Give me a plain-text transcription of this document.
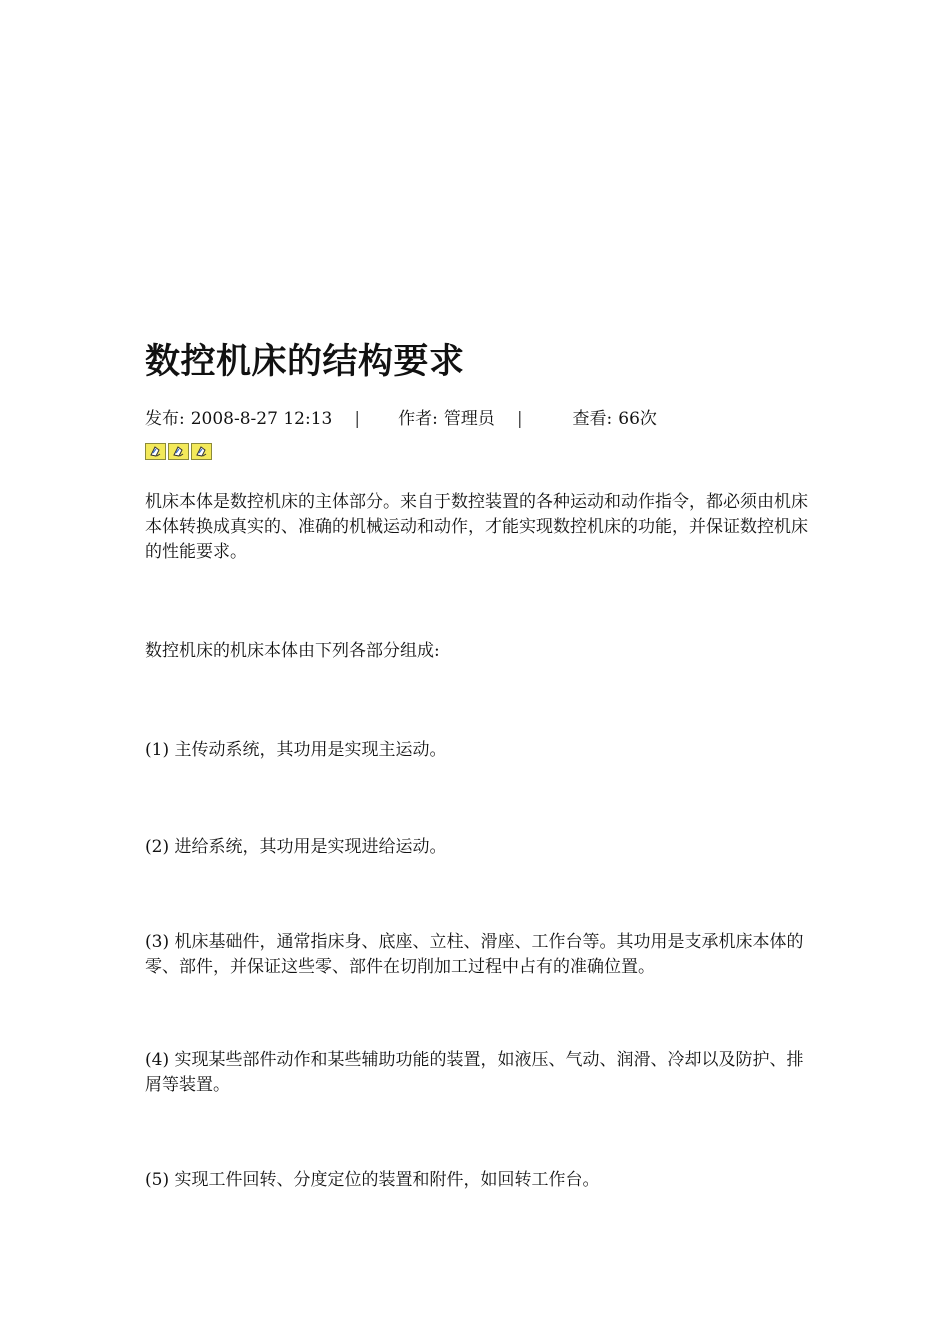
数控机床的结构要求
发布: 2008-8-27 12:13 | 作者: 管理员 |	查看: 66次

机床本体是数控机床的主体部分。来自于数控装置的各种运动和动作指令，都必须由机床本体转换成真实的、准确的机械运动和动作，才能实现数控机床的功能，并保证数控机床的性能要求。

数控机床的机床本体由下列各部分组成:

(1) 主传动系统，其功用是实现主运动。

(2) 进给系统，其功用是实现进给运动。

(3) 机床基础件，通常指床身、底座、立柱、滑座、工作台等。其功用是支承机床本体的零、部件，并保证这些零、部件在切削加工过程中占有的准确位置。

(4) 实现某些部件动作和某些辅助功能的装置，如液压、气动、润滑、冷却以及防护、排屑等装置。

(5) 实现工件回转、分度定位的装置和附件，如回转工作台。
